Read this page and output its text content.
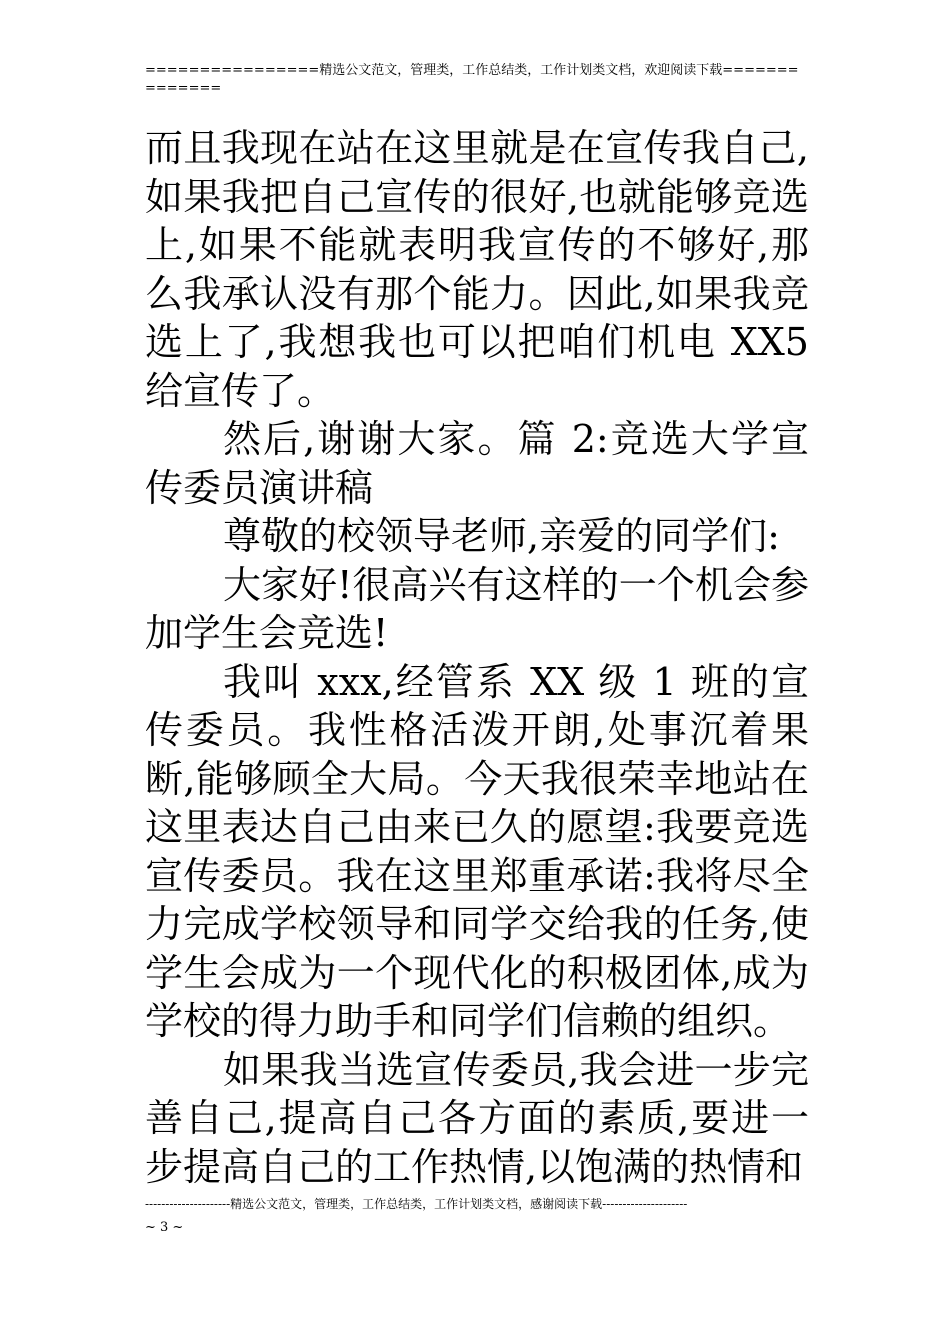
================精选公文范文，管理类，工作总结类，工作计划类文档，欢迎阅读下载==============

而且我现在站在这里就是在宣传我自己,如果我把自己宣传的很好,也就能够竞选上,如果不能就表明我宣传的不够好,那么我承认没有那个能力。因此,如果我竞选上了,我想我也可以把咱们机电 XX5 给宣传了。

然后,谢谢大家。篇 2:竞选大学宣传委员演讲稿

尊敬的校领导老师,亲爱的同学们:

大家好!很高兴有这样的一个机会参加学生会竞选!

我叫 xxx,经管系 XX 级 1 班的宣传委员。我性格活泼开朗,处事沉着果断,能够顾全大局。今天我很荣幸地站在这里表达自己由来已久的愿望:我要竞选宣传委员。我在这里郑重承诺:我将尽全力完成学校领导和同学交给我的任务,使学生会成为一个现代化的积极团体,成为学校的得力助手和同学们信赖的组织。

如果我当选宣传委员,我会进一步完善自己,提高自己各方面的素质,要进一步提高自己的工作热情,以饱满的热情和

---------------------精选公文范文，管理类，工作总结类，工作计划类文档，感谢阅读下载---------------------
~ 3 ~
